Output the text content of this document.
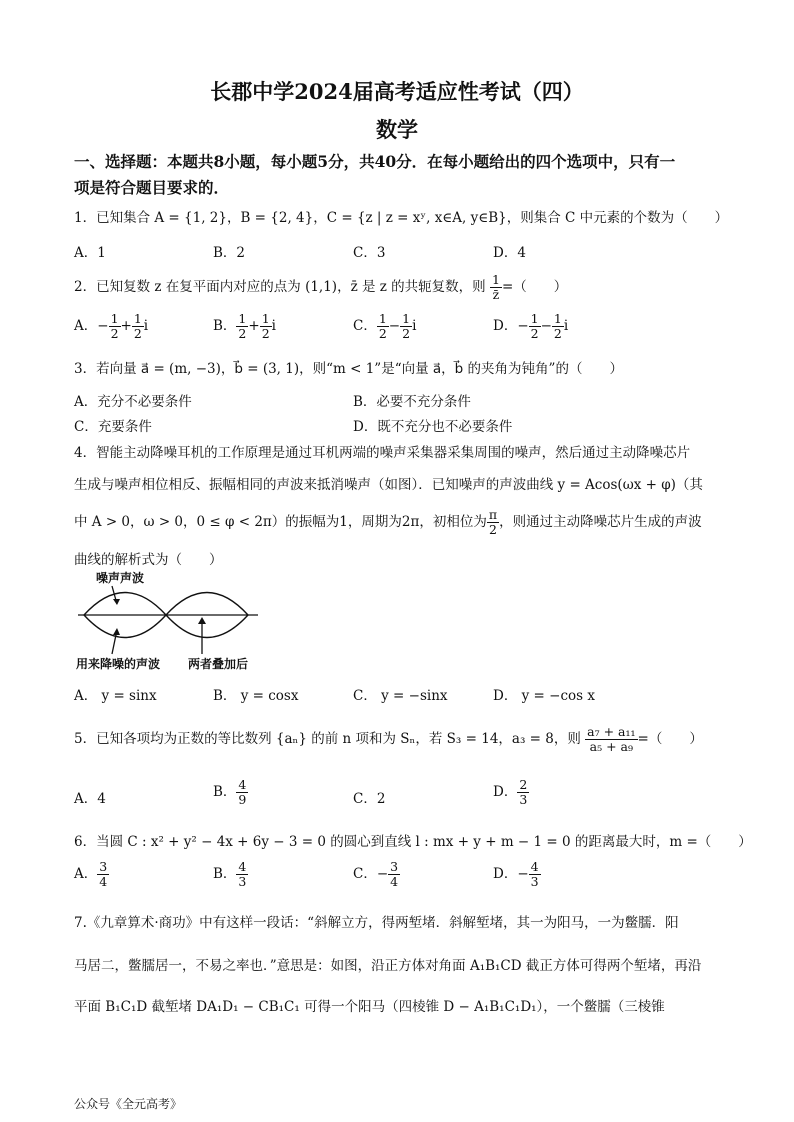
长郡中学2024届高考适应性考试（四）
数学
一、选择题：本题共8小题，每小题5分，共40分．在每小题给出的四个选项中，只有一
项是符合题目要求的．
1．已知集合 A = {1, 2}，B = {2, 4}，C = {z | z = xʸ, x∈A, y∈B}，则集合 C 中元素的个数为（　　）
A．1	B．2	C．3	D．4
2．已知复数 z 在复平面内对应的点为 (1,1)，z̄ 是 z 的共轭复数，则 $\frac{1}{z̄}$ =（　　）
A．− $\frac{1}{2} + \frac{1}{2}$ i	B． $\frac{1}{2} + \frac{1}{2}$ i	C． $\frac{1}{2} - \frac{1}{2}$ i	D．− $\frac{1}{2} - \frac{1}{2}$ i
3．若向量 a⃗ = (m, −3)，b⃗ = (3, 1)，则“m < 1”是“向量 a⃗，b⃗ 的夹角为钝角”的（　　）
A．充分不必要条件	B．必要不充分条件
C．充要条件	D．既不充分也不必要条件
4．智能主动降噪耳机的工作原理是通过耳机两端的噪声采集器采集周围的噪声，然后通过主动降噪芯片
生成与噪声相位相反、振幅相同的声波来抵消噪声（如图）．已知噪声的声波曲线 y = Acos(ωx + φ)（其
中 A > 0，ω > 0，0 ≤ φ < 2π）的振幅为1，周期为2π，初相位为 $\frac{\pi}{2}$ ，则通过主动降噪芯片生成的声波
曲线的解析式为（　　）
噪声声波
用来降噪的声波 两者叠加后
A． y = sinx	B． y = cosx	C． y = −sinx	D． y = −cos x
5．已知各项均为正数的等比数列 {aₙ} 的前 n 项和为 Sₙ，若 S₃ = 14，a₃ = 8，则 $\frac{\text{a₇ + a₁₁}}{\text{a₅ + a₉}}$ =（　　）
A．4	B． $\frac{4}{9}$	C．2	D． $\frac{2}{3}$
6．当圆 C : x² + y² − 4x + 6y − 3 = 0 的圆心到直线 l : mx + y + m − 1 = 0 的距离最大时，m =（　　）
A． $\frac{3}{4}$	B． $\frac{4}{3}$	C．− $\frac{3}{4}$	D．− $\frac{4}{3}$
7.《九章算术·商功》中有这样一段话：“斜解立方，得两堑堵．斜解堑堵，其一为阳马，一为鳖臑．阳
马居二，鳖臑居一，不易之率也．”意思是：如图，沿正方体对角面 A₁B₁CD 截正方体可得两个堑堵，再沿
平面 B₁C₁D 截堑堵 DA₁D₁ − CB₁C₁ 可得一个阳马（四棱锥 D − A₁B₁C₁D₁），一个鳖臑（三棱锥
公众号《全元高考》
